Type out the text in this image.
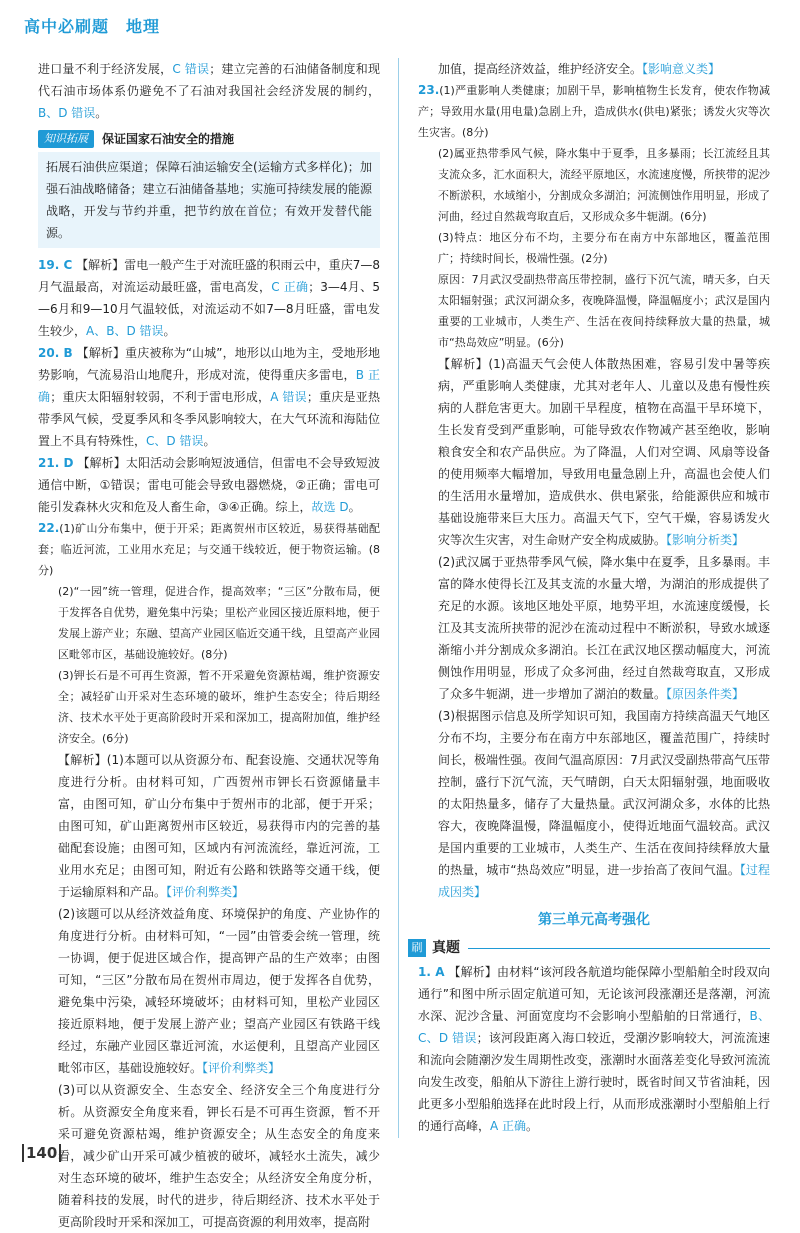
高中必刷题　地理

进口量不利于经济发展，C 错误；建立完善的石油储备制度和现代石油市场体系仍避免不了石油对我国社会经济发展的制约，B、D 错误。

知识拓展	保证国家石油安全的措施

拓展石油供应渠道；保障石油运输安全(运输方式多样化)；加强石油战略储备；建立石油储备基地；实施可持续发展的能源战略，开发与节约并重，把节约放在首位；有效开发替代能源。

19. C 【解析】雷电一般产生于对流旺盛的积雨云中，重庆7—8月气温最高，对流运动最旺盛，雷电高发，C 正确；3—4月、5—6月和9—10月气温较低，对流运动不如7—8月旺盛，雷电发生较少，A、B、D 错误。

20. B 【解析】重庆被称为“山城”，地形以山地为主，受地形地势影响，气流易沿山地爬升，形成对流，使得重庆多雷电，B 正确；重庆太阳辐射较弱，不利于雷电形成，A 错误；重庆是亚热带季风气候，受夏季风和冬季风影响较大，在大气环流和海陆位置上不具有特殊性，C、D 错误。

21. D 【解析】太阳活动会影响短波通信，但雷电不会导致短波通信中断，①错误；雷电可能会导致电器燃烧，②正确；雷电可能引发森林火灾和危及人畜生命，③④正确。综上，故选 D。

22.(1)矿山分布集中，便于开采；距离贺州市区较近，易获得基础配套；临近河流，工业用水充足；与交通干线较近，便于物资运输。(8分)

(2)“一园”统一管理，促进合作，提高效率；“三区”分散布局，便于发挥各自优势，避免集中污染；里松产业园区接近原料地，便于发展上游产业；东融、望高产业园区临近交通干线，且望高产业园区毗邻市区，基础设施较好。(8分)

(3)钾长石是不可再生资源，暂不开采避免资源枯竭，维护资源安全；减轻矿山开采对生态环境的破坏，维护生态安全；待后期经济、技术水平处于更高阶段时开采和深加工，提高附加值，维护经济安全。(6分)

【解析】(1)本题可以从资源分布、配套设施、交通状况等角度进行分析。由材料可知，广西贺州市钾长石资源储量丰富，由图可知，矿山分布集中于贺州市的北部，便于开采；由图可知，矿山距离贺州市区较近，易获得市内的完善的基础配套设施；由图可知，区域内有河流流经，靠近河流，工业用水充足；由图可知，附近有公路和铁路等交通干线，便于运输原料和产品。【评价利弊类】

(2)该题可以从经济效益角度、环境保护的角度、产业协作的角度进行分析。由材料可知，“一园”由管委会统一管理，统一协调，便于促进区域合作，提高钾产品的生产效率；由图可知，“三区”分散布局在贺州市周边，便于发挥各自优势，避免集中污染，减轻环境破坏；由材料可知，里松产业园区接近原料地，便于发展上游产业；望高产业园区有铁路干线经过，东融产业园区靠近河流，水运便利，且望高产业园区毗邻市区，基础设施较好。【评价利弊类】

(3)可以从资源安全、生态安全、经济安全三个角度进行分析。从资源安全角度来看，钾长石是不可再生资源，暂不开采可避免资源枯竭，维护资源安全；从生态安全的角度来看，减少矿山开采可减少植被的破坏，减轻水土流失，减少对生态环境的破坏，维护生态安全；从经济安全角度分析，随着科技的发展，时代的进步，待后期经济、技术水平处于更高阶段时开采和深加工，可提高资源的利用效率，提高附

加值，提高经济效益，维护经济安全。【影响意义类】

23.(1)严重影响人类健康；加剧干旱，影响植物生长发育，使农作物减产；导致用水量(用电量)急剧上升，造成供水(供电)紧张；诱发火灾等次生灾害。(8分)

(2)属亚热带季风气候，降水集中于夏季，且多暴雨；长江流经且其支流众多，汇水面积大，流经平原地区，水流速度慢，所挟带的泥沙不断淤积，水域缩小，分割成众多湖泊；河流侧蚀作用明显，形成了河曲，经过自然裁弯取直后，又形成众多牛轭湖。(6分)

(3)特点：地区分布不均，主要分布在南方中东部地区，覆盖范围广；持续时间长，极端性强。(2分)

原因：7月武汉受副热带高压带控制，盛行下沉气流，晴天多，白天太阳辐射强；武汉河湖众多，夜晚降温慢，降温幅度小；武汉是国内重要的工业城市，人类生产、生活在夜间持续释放大量的热量，城市“热岛效应”明显。(6分)

【解析】(1)高温天气会使人体散热困难，容易引发中暑等疾病，严重影响人类健康，尤其对老年人、儿童以及患有慢性疾病的人群危害更大。加剧干旱程度，植物在高温干旱环境下，生长发育受到严重影响，可能导致农作物减产甚至绝收，影响粮食安全和农产品供应。为了降温，人们对空调、风扇等设备的使用频率大幅增加，导致用电量急剧上升，高温也会使人们的生活用水量增加，造成供水、供电紧张，给能源供应和城市基础设施带来巨大压力。高温天气下，空气干燥，容易诱发火灾等次生灾害，对生命财产安全构成威胁。【影响分析类】

(2)武汉属于亚热带季风气候，降水集中在夏季，且多暴雨。丰富的降水使得长江及其支流的水量大增，为湖泊的形成提供了充足的水源。该地区地处平原，地势平坦，水流速度缓慢，长江及其支流所挟带的泥沙在流动过程中不断淤积，导致水域逐渐缩小并分割成众多湖泊。长江在武汉地区摆动幅度大，河流侧蚀作用明显，形成了众多河曲，经过自然裁弯取直，又形成了众多牛轭湖，进一步增加了湖泊的数量。【原因条件类】

(3)根据图示信息及所学知识可知，我国南方持续高温天气地区分布不均，主要分布在南方中东部地区，覆盖范围广，持续时间长，极端性强。夜间气温高原因：7月武汉受副热带高气压带控制，盛行下沉气流，天气晴朗，白天太阳辐射强，地面吸收的太阳热量多，储存了大量热量。武汉河湖众多，水体的比热容大，夜晚降温慢，降温幅度小，使得近地面气温较高。武汉是国内重要的工业城市，人类生产、生活在夜间持续释放大量的热量，城市“热岛效应”明显，进一步抬高了夜间气温。【过程成因类】

第三单元高考强化
刷 真题

1. A 【解析】由材料“该河段各航道均能保障小型船舶全时段双向通行”和图中所示固定航道可知，无论该河段涨潮还是落潮，河流水深、泥沙含量、河面宽度均不会影响小型船舶的日常通行，B、C、D 错误；该河段距离入海口较近，受潮汐影响较大，河流流速和流向会随潮汐发生周期性改变，涨潮时水面落差变化导致河流流向发生改变，船舶从下游往上游行驶时，既省时间又节省油耗，因此更多小型船舶选择在此时段上行，从而形成涨潮时小型船舶上行的通行高峰，A 正确。

140
